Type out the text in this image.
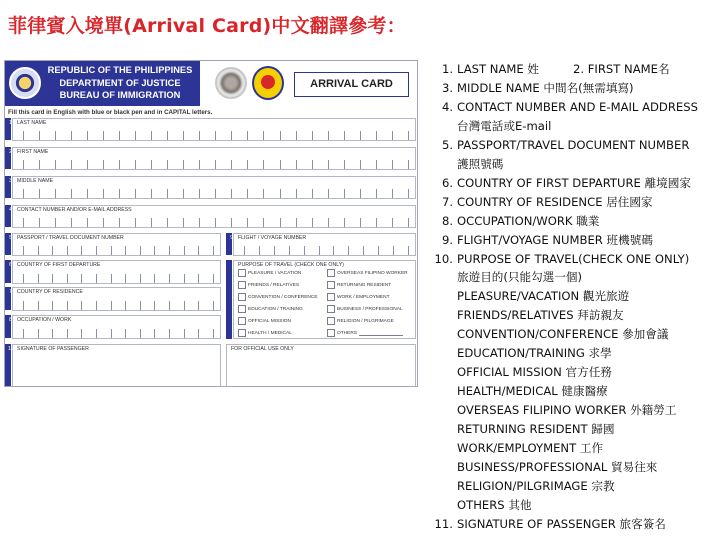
菲律賓入境單(Arrival Card)中文翻譯參考：
REPUBLIC OF THE PHILIPPINES
DEPARTMENT OF JUSTICE
BUREAU OF IMMIGRATION
ARRIVAL CARD
Fill this card in English with blue or black pen and in CAPITAL letters.
1 LAST NAME
2 FIRST NAME
3 MIDDLE NAME
4 CONTACT NUMBER AND/OR E-MAIL ADDRESS
5 PASSPORT / TRAVEL DOCUMENT NUMBER	9 FLIGHT / VOYAGE NUMBER
6 COUNTRY OF FIRST DEPARTURE
7 COUNTRY OF RESIDENCE
8 OCCUPATION / WORK
PURPOSE OF TRAVEL (CHECK ONE ONLY)
PLEASURE / VACATION	OVERSEAS FILIPINO WORKER
FRIENDS / RELATIVES	RETURNING RESIDENT
CONVENTION / CONFERENCE	WORK / EMPLOYMENT
EDUCATION / TRAINING	BUSINESS / PROFESSIONAL
OFFICIAL MISSION	RELIGION / PILGRIMAGE
HEALTH / MEDICAL	OTHERS
11 SIGNATURE OF PASSENGER	FOR OFFICIAL USE ONLY
1. LAST NAME 姓	2. FIRST NAME名
3. MIDDLE NAME 中間名(無需填寫)
4. CONTACT NUMBER AND E-MAIL ADDRESS
台灣電話或E-mail
5. PASSPORT/TRAVEL DOCUMENT NUMBER
護照號碼
6. COUNTRY OF FIRST DEPARTURE 離境國家
7. COUNTRY OF RESIDENCE 居住國家
8. OCCUPATION/WORK 職業
9. FLIGHT/VOYAGE NUMBER 班機號碼
10. PURPOSE OF TRAVEL(CHECK ONE ONLY)
旅遊目的(只能勾選一個)
PLEASURE/VACATION 觀光旅遊
FRIENDS/RELATIVES 拜訪親友
CONVENTION/CONFERENCE 參加會議
EDUCATION/TRAINING 求學
OFFICIAL MISSION 官方任務
HEALTH/MEDICAL 健康醫療
OVERSEAS FILIPINO WORKER 外籍勞工
RETURNING RESIDENT 歸國
WORK/EMPLOYMENT 工作
BUSINESS/PROFESSIONAL 貿易往來
RELIGION/PILGRIMAGE 宗教
OTHERS 其他
11. SIGNATURE OF PASSENGER 旅客簽名
